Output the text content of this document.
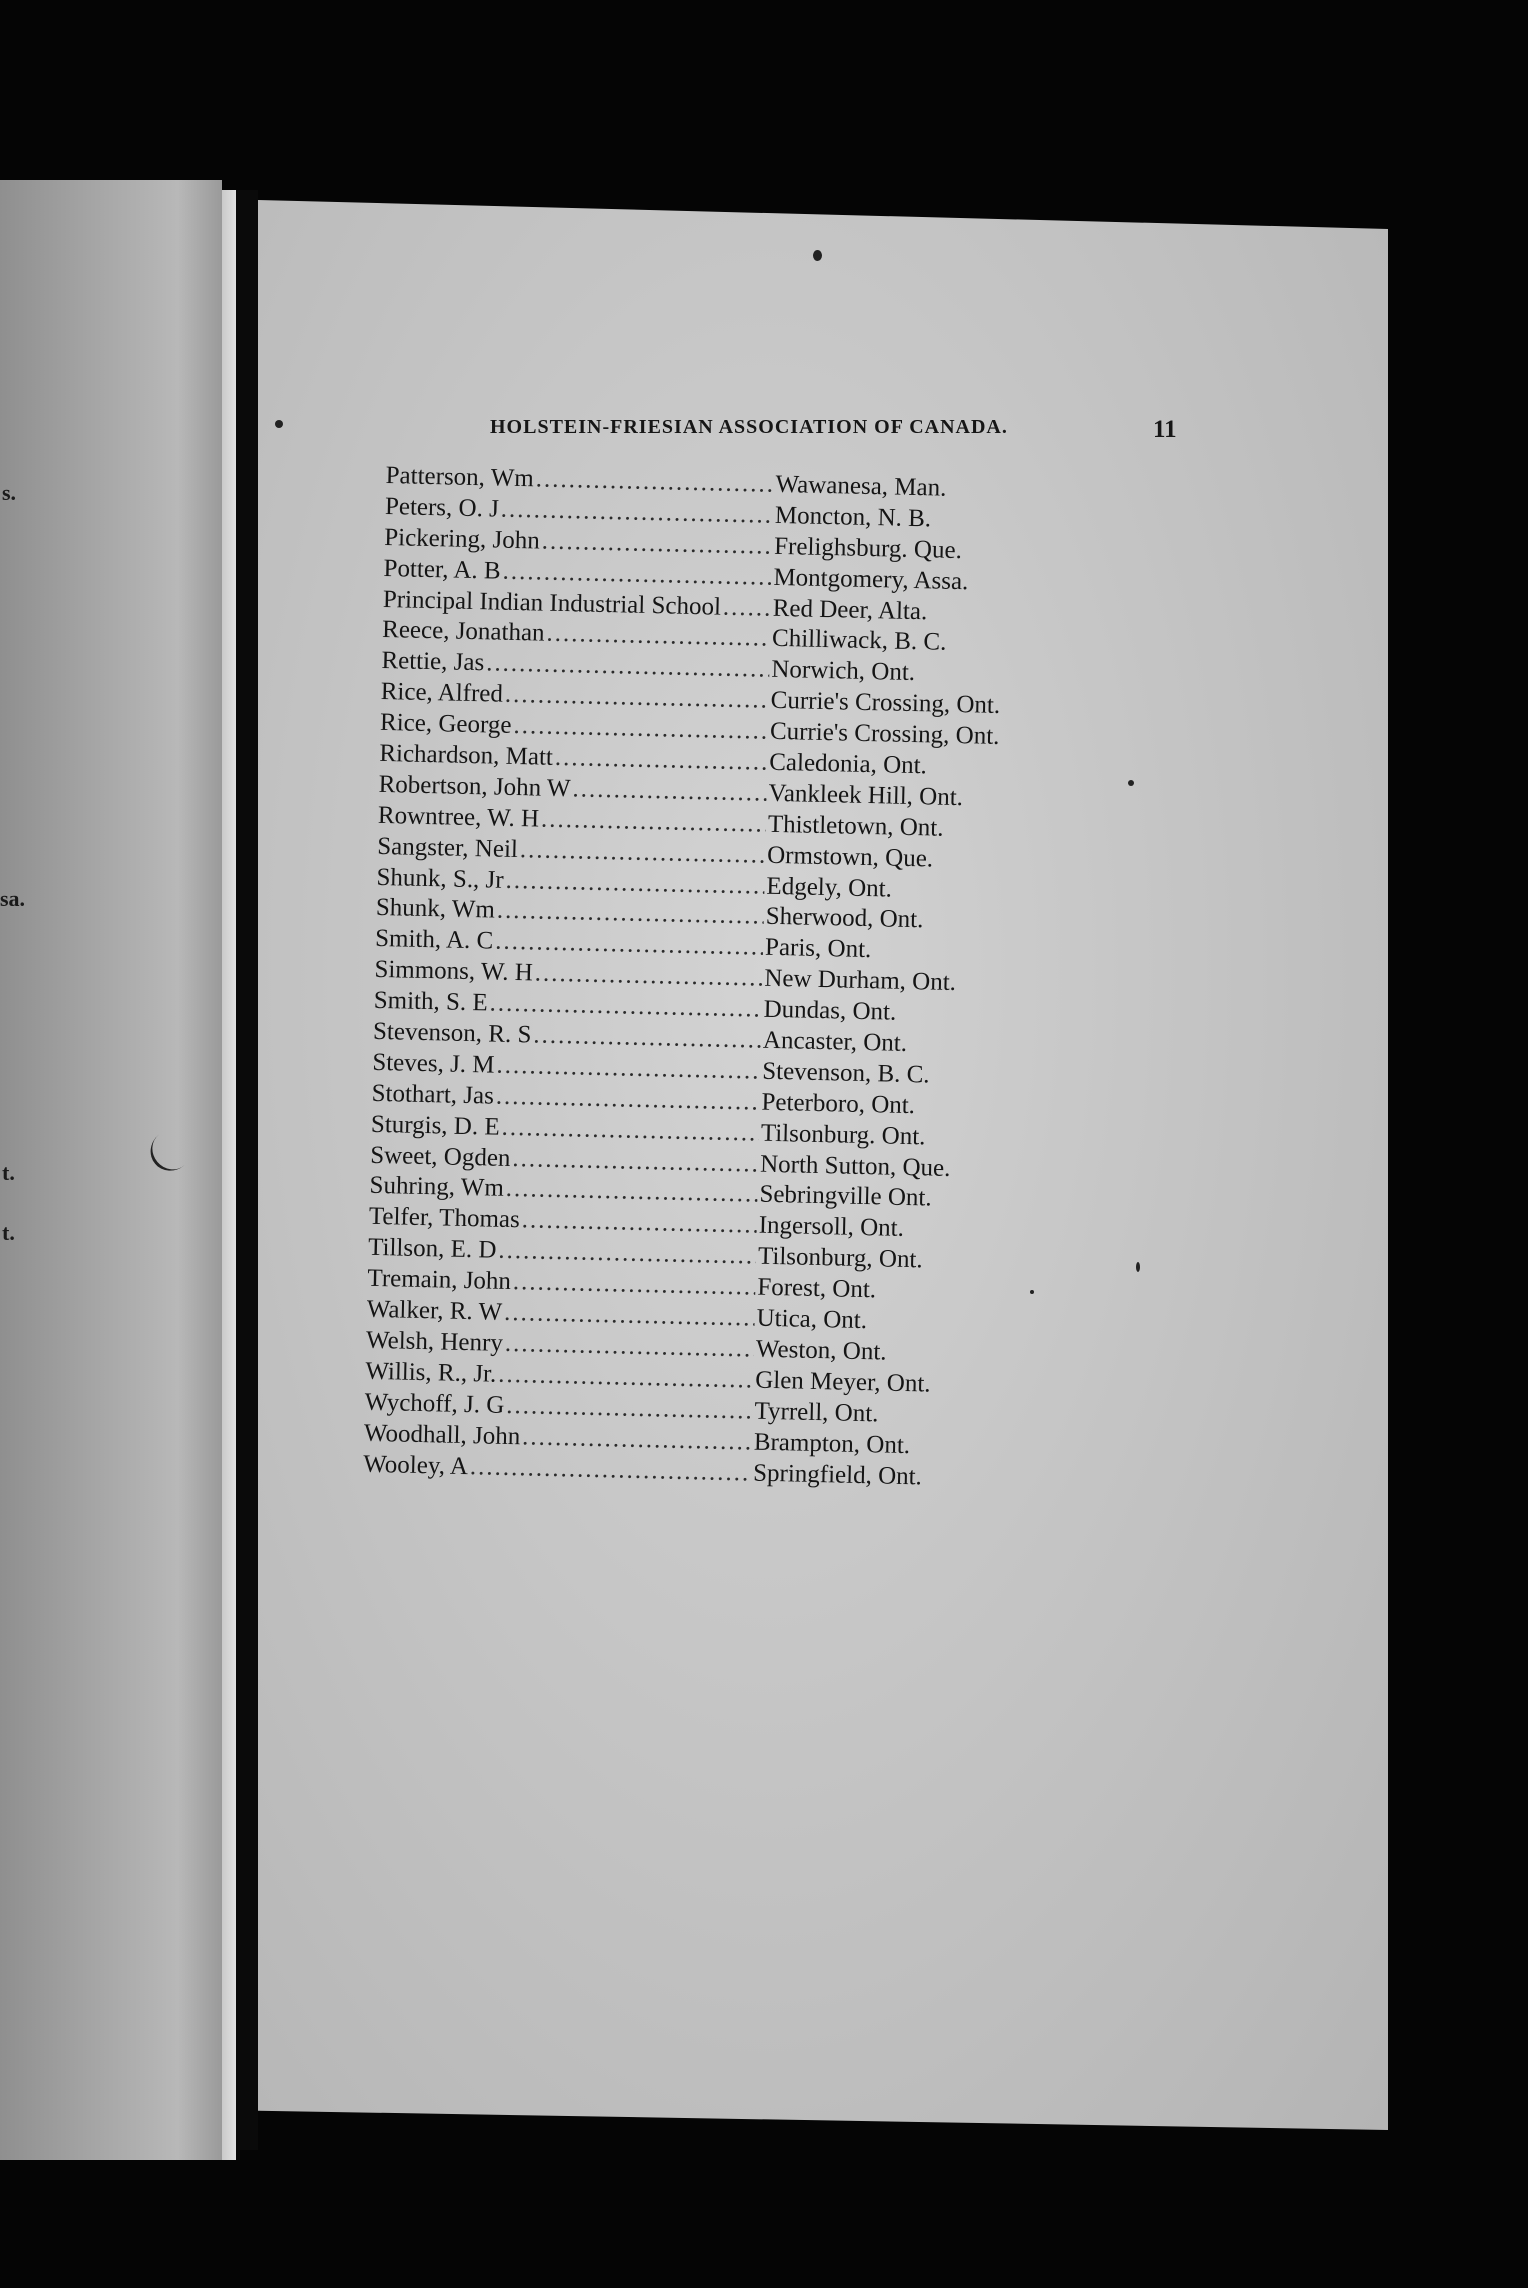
s.
sa.
t.
t.
HOLSTEIN-FRIESIAN ASSOCIATION OF CANADA.	11
Patterson, Wm .....	Wawanesa, Man.
Peters, O. J .....	Moncton, N. B.
Pickering, John .....	Frelighsburg. Que.
Potter, A. B .....	Montgomery, Assa.
Principal Indian Industrial School ..... Red Deer, Alta.
Reece, Jonathan .....	Chilliwack, B. C.
Rettie, Jas .....	Norwich, Ont.
Rice, Alfred .....	Currie's Crossing, Ont.
Rice, George .....	Currie's Crossing, Ont.
Richardson, Matt .....	Caledonia, Ont.
Robertson, John W .....	Vankleek Hill, Ont.
Rowntree, W. H .....	Thistletown, Ont.
Sangster, Neil .....	Ormstown, Que.
Shunk, S., Jr .....	Edgely, Ont.
Shunk, Wm .....	Sherwood, Ont.
Smith, A. C .....	Paris, Ont.
Simmons, W. H .....	New Durham, Ont.
Smith, S. E .....	Dundas, Ont.
Stevenson, R. S .....	Ancaster, Ont.
Steves, J. M .....	Stevenson, B. C.
Stothart, Jas .....	Peterboro, Ont.
Sturgis, D. E .....	Tilsonburg. Ont.
Sweet, Ogden .....	North Sutton, Que.
Suhring, Wm .....	Sebringville Ont.
Telfer, Thomas .....	Ingersoll, Ont.
Tillson, E. D .....	Tilsonburg, Ont.
Tremain, John .....	Forest, Ont.
Walker, R. W .....	Utica, Ont.
Welsh, Henry .....	Weston, Ont.
Willis, R., Jr. .....	Glen Meyer, Ont.
Wychoff, J. G .....	Tyrrell, Ont.
Woodhall, John .....	Brampton, Ont.
Wooley, A .....	Springfield, Ont.
